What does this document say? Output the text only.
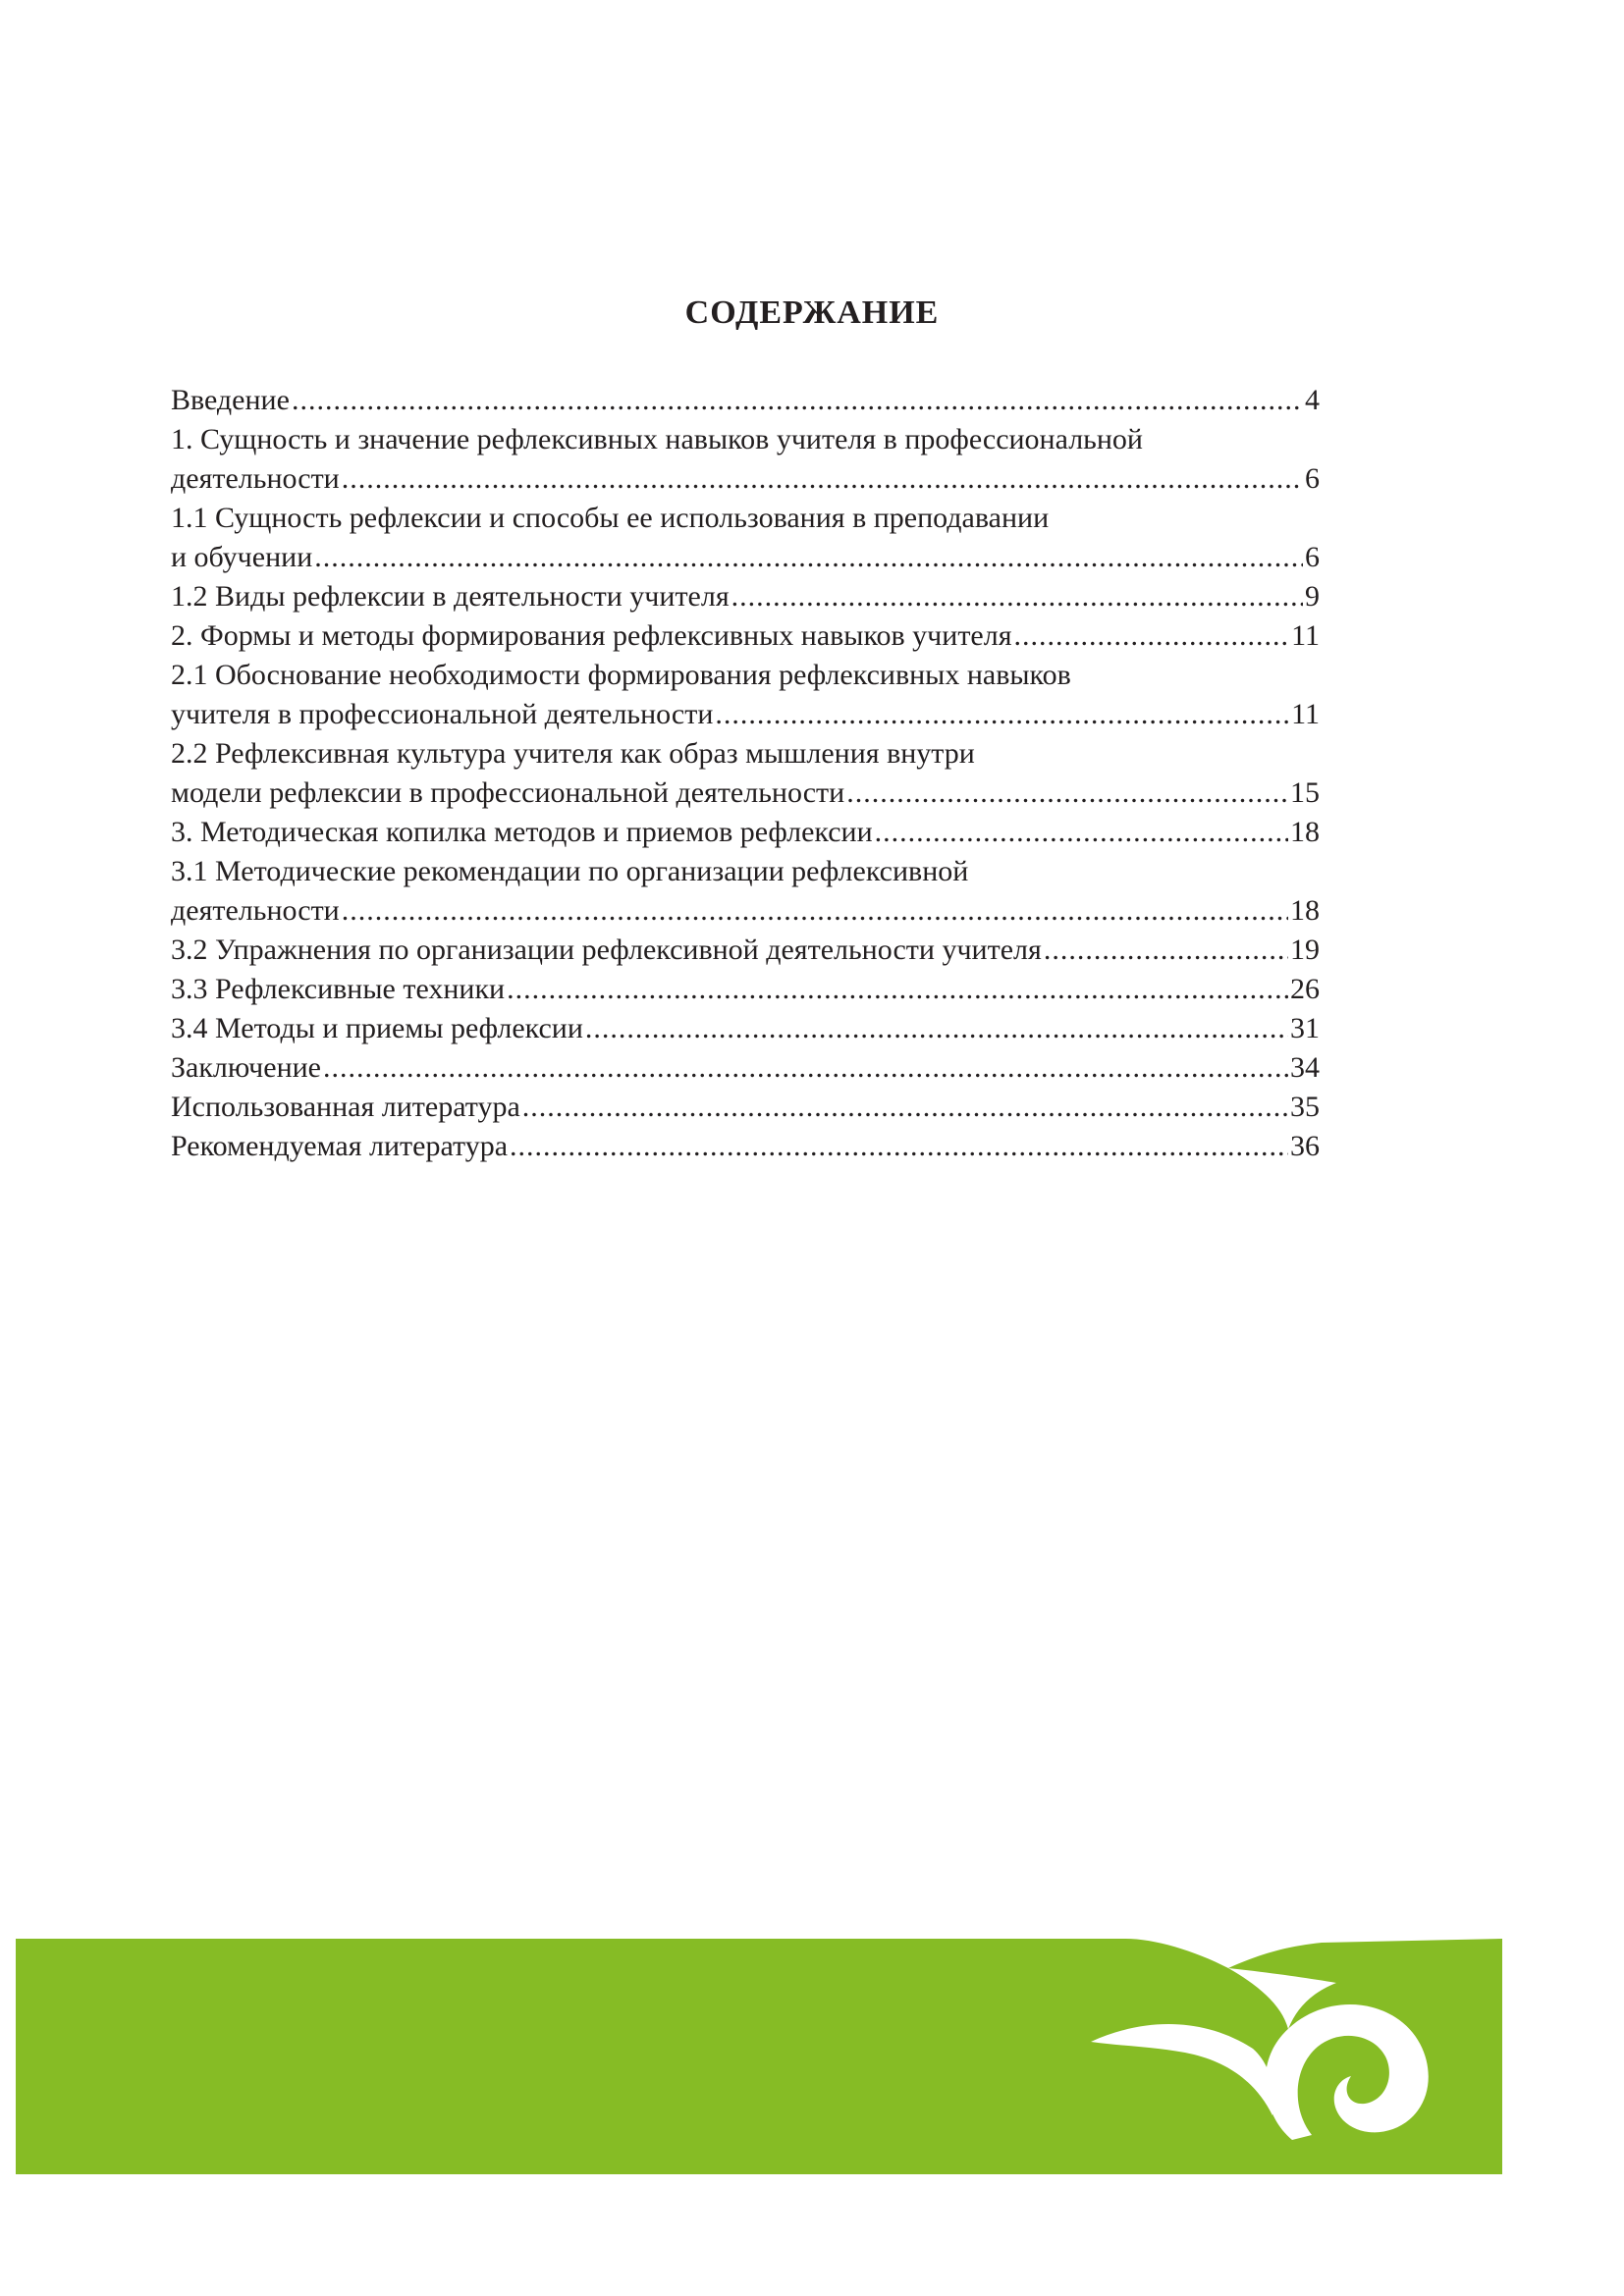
СОДЕРЖАНИЕ
Введение .....	4
1. Сущность и значение рефлексивных навыков учителя в профессиональной
деятельности .....	6
1.1 Сущность рефлексии и способы ее использования в преподавании
и обучении .....	6
1.2 Виды рефлексии в деятельности учителя .....	9
2. Формы и методы формирования рефлексивных навыков учителя .....	11
2.1 Обоснование необходимости формирования рефлексивных навыков
учителя в профессиональной деятельности .....	11
2.2 Рефлексивная культура учителя как образ мышления внутри
модели рефлексии в профессиональной деятельности .....	15
3. Методическая копилка методов и приемов рефлексии .....	18
3.1 Методические рекомендации по организации рефлексивной
деятельности .....	18
3.2 Упражнения по организации рефлексивной деятельности учителя .....	19
3.3 Рефлексивные техники .....	26
3.4 Методы и приемы рефлексии .....	31
Заключение .....	34
Использованная литература .....	35
Рекомендуемая литература .....	36
